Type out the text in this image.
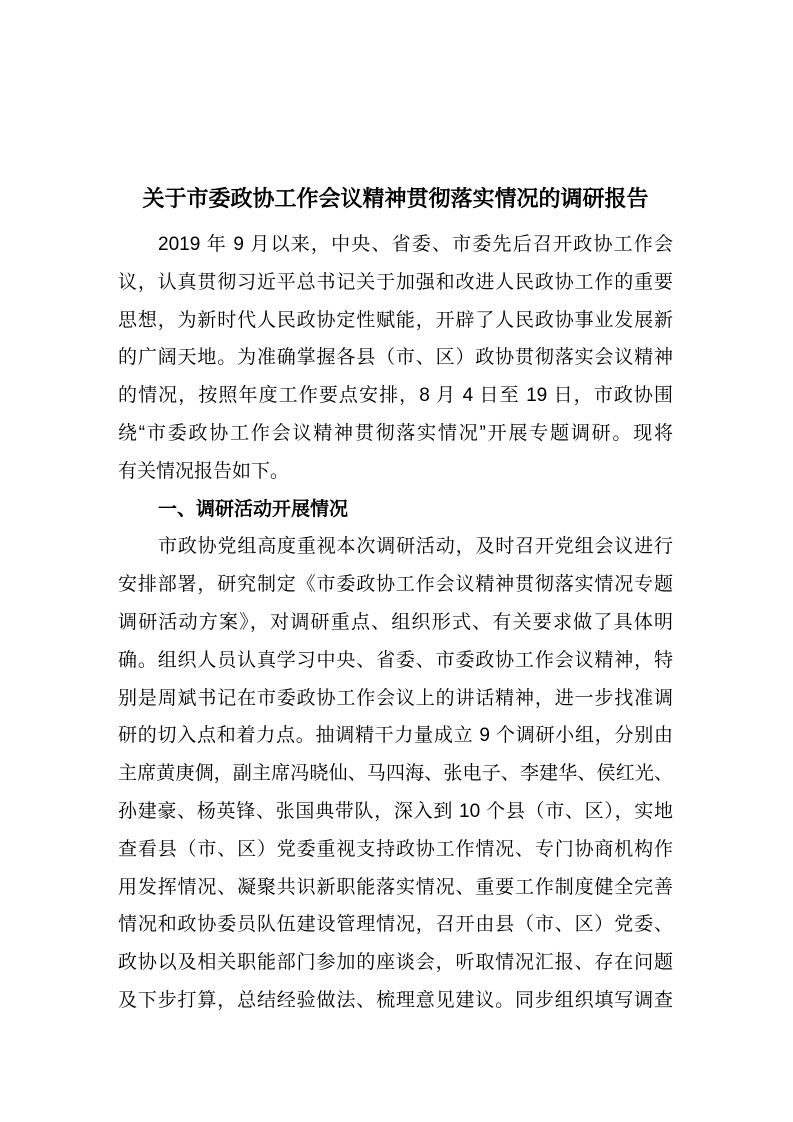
关于市委政协工作会议精神贯彻落实情况的调研报告
2019 年 9 月以来，中央、省委、市委先后召开政协工作会
议，认真贯彻习近平总书记关于加强和改进人民政协工作的重要
思想，为新时代人民政协定性赋能，开辟了人民政协事业发展新
的广阔天地。为准确掌握各县（市、区）政协贯彻落实会议精神
的情况，按照年度工作要点安排，8 月 4 日至 19 日，市政协围
绕“市委政协工作会议精神贯彻落实情况”开展专题调研。现将
有关情况报告如下。
一、调研活动开展情况
市政协党组高度重视本次调研活动，及时召开党组会议进行
安排部署，研究制定《市委政协工作会议精神贯彻落实情况专题
调研活动方案》，对调研重点、组织形式、有关要求做了具体明
确。组织人员认真学习中央、省委、市委政协工作会议精神，特
别是周斌书记在市委政协工作会议上的讲话精神，进一步找准调
研的切入点和着力点。抽调精干力量成立 9 个调研小组，分别由
主席黄庚倜，副主席冯晓仙、马四海、张电子、李建华、侯红光、
孙建豪、杨英锋、张国典带队，深入到 10 个县（市、区），实地
查看县（市、区）党委重视支持政协工作情况、专门协商机构作
用发挥情况、凝聚共识新职能落实情况、重要工作制度健全完善
情况和政协委员队伍建设管理情况，召开由县（市、区）党委、
政协以及相关职能部门参加的座谈会，听取情况汇报、存在问题
及下步打算，总结经验做法、梳理意见建议。同步组织填写调查
